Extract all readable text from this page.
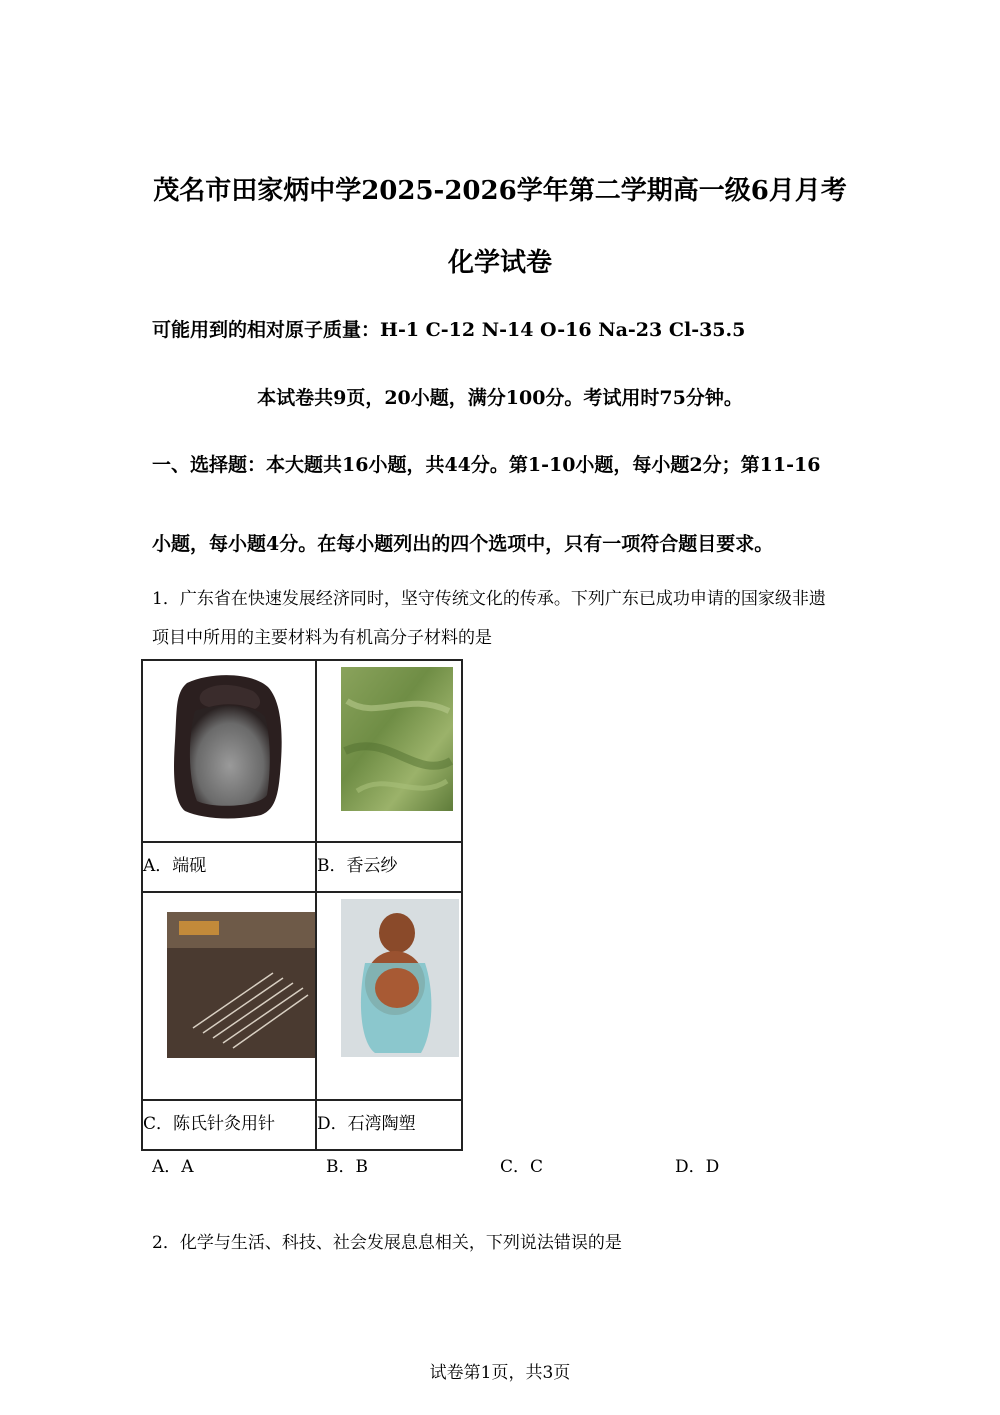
茂名市田家炳中学2025-2026学年第二学期高一级6月月考
化学试卷
可能用到的相对原子质量：H-1 C-12 N-14 O-16 Na-23 Cl-35.5
本试卷共9页，20小题，满分100分。考试用时75分钟。
一、选择题：本大题共16小题，共44分。第1-10小题，每小题2分；第11-16
小题，每小题4分。在每小题列出的四个选项中，只有一项符合题目要求。
1．广东省在快速发展经济同时，坚守传统文化的传承。下列广东已成功申请的国家级非遗
项目中所用的主要材料为有机高分子材料的是

A．端砚	B．香云纱

C．陈氏针灸用针	D．石湾陶塑
A．A	B．B	C．C	D．D
2．化学与生活、科技、社会发展息息相关，下列说法错误的是
试卷第1页，共3页
